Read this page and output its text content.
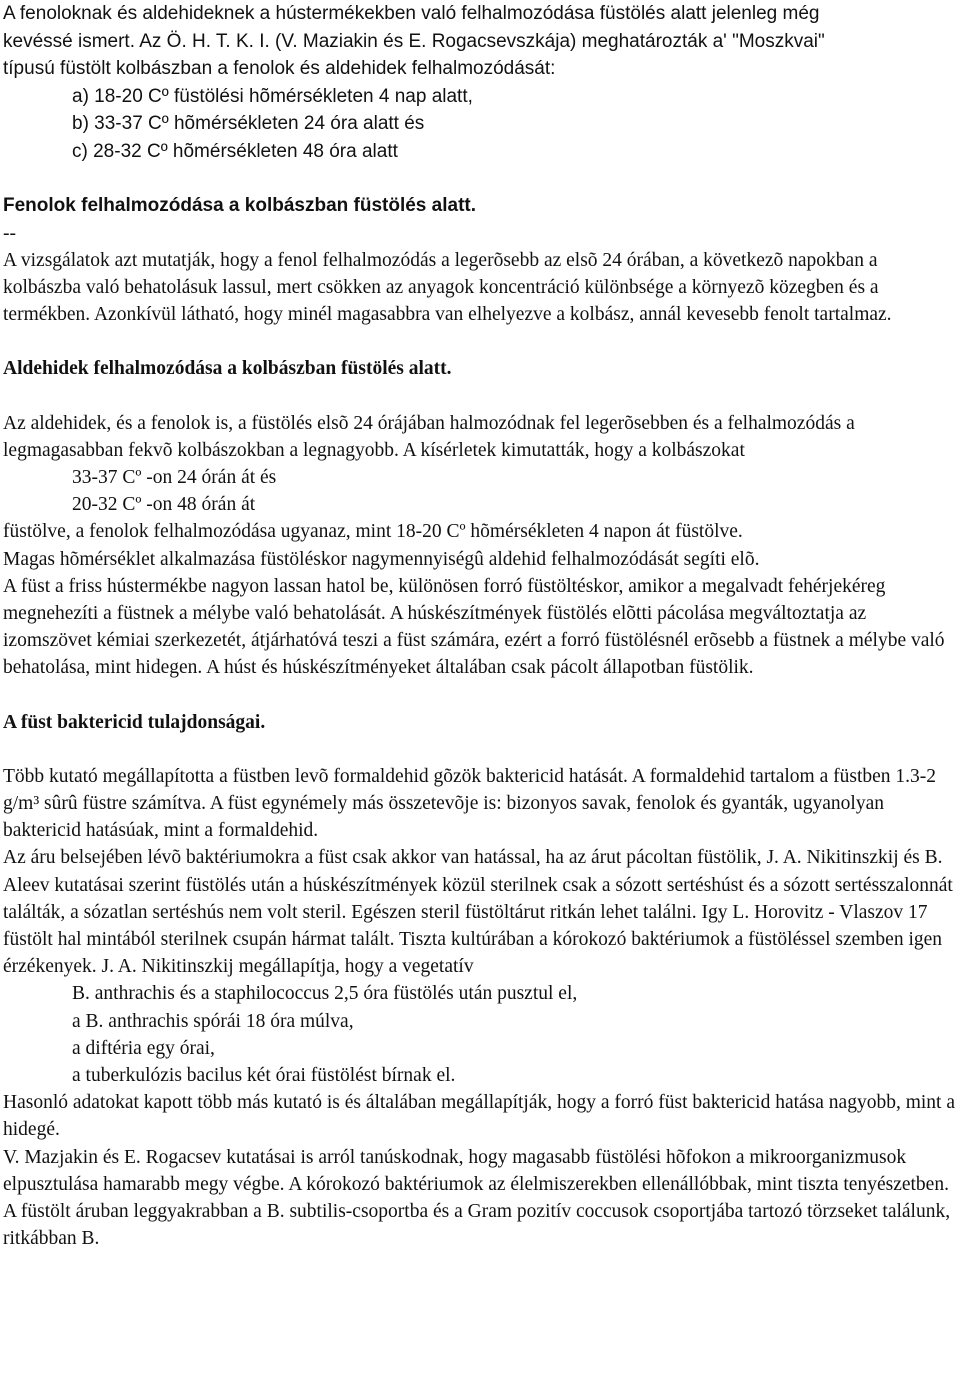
A fenoloknak és aldehideknek a hústermékekben való felhalmozódása füstölés alatt jelenleg még

kevéssé ismert. Az Ö. H. T. K. I. (V. Maziakin és E. Rogacsevszkája) meghatározták a' "Moszkvai"

típusú füstölt kolbászban a fenolok és aldehidek felhalmozódását:

a) 18-20 Cº füstölési hõmérsékleten 4 nap alatt,

b) 33-37 Cº hõmérsékleten 24 óra alatt és

c) 28-32 Cº hõmérsékleten 48 óra alatt

Fenolok felhalmozódása a kolbászban füstölés alatt.

--

A vizsgálatok azt mutatják, hogy a fenol felhalmozódás a legerõsebb az elsõ 24 órában, a következõ napokban a kolbászba való behatolásuk lassul, mert csökken az anyagok koncentráció különbsége a környezõ közegben és a termékben. Azonkívül látható, hogy minél magasabbra van elhelyezve a kolbász, annál kevesebb fenolt tartalmaz.

Aldehidek felhalmozódása a kolbászban füstölés alatt.

Az aldehidek, és a fenolok is, a füstölés elsõ 24 órájában halmozódnak fel legerõsebben és a felhalmozódás a legmagasabban fekvõ kolbászokban a legnagyobb. A kísérletek kimutatták, hogy a kolbászokat

33-37 Cº -on 24 órán át és

20-32 Cº -on 48 órán át

füstölve, a fenolok felhalmozódása ugyanaz, mint 18-20 Cº hõmérsékleten 4 napon át füstölve.

Magas hõmérséklet alkalmazása füstöléskor nagymennyiségû aldehid felhalmozódását segíti elõ.

A füst a friss hústermékbe nagyon lassan hatol be, különösen forró füstöltéskor, amikor a megalvadt fehérjekéreg megnehezíti a füstnek a mélybe való behatolását. A húskészítmények füstölés elõtti pácolása megváltoztatja az izomszövet kémiai szerkezetét, átjárhatóvá teszi a füst számára, ezért a forró füstölésnél erõsebb a füstnek a mélybe való behatolása, mint hidegen. A húst és húskészítményeket általában csak pácolt állapotban füstölik.

A füst baktericid tulajdonságai.

Több kutató megállapította a füstben levõ formaldehid gõzök baktericid hatását. A formaldehid tartalom a füstben 1.3-2 g/m³ sûrû füstre számítva. A füst egynémely más összetevõje is: bizonyos savak, fenolok és gyanták, ugyanolyan baktericid hatásúak, mint a formaldehid.

Az áru belsejében lévõ baktériumokra a füst csak akkor van hatással, ha az árut pácoltan füstölik, J. A. Nikitinszkij és B. Aleev kutatásai szerint füstölés után a húskészítmények közül sterilnek csak a sózott sertéshúst és a sózott sertésszalonnát találták, a sózatlan sertéshús nem volt steril. Egészen steril füstöltárut ritkán lehet találni. Igy L. Horovitz - Vlaszov 17 füstölt hal mintából sterilnek csupán hármat talált. Tiszta kultúrában a kórokozó baktériumok a füstöléssel szemben igen érzékenyek. J. A. Nikitinszkij megállapítja, hogy a vegetatív

B. anthrachis és a staphilococcus 2,5 óra füstölés után pusztul el,

a B. anthrachis spórái 18 óra múlva,

a diftéria egy órai,

a tuberkulózis bacilus két órai füstölést bírnak el.

Hasonló adatokat kapott több más kutató is és általában megállapítják, hogy a forró füst baktericid hatása nagyobb, mint a hidegé.

V. Mazjakin és E. Rogacsev kutatásai is arról tanúskodnak, hogy magasabb füstölési hõfokon a mikroorganizmusok elpusztulása hamarabb megy végbe. A kórokozó baktériumok az élelmiszerekben ellenállóbbak, mint tiszta tenyészetben. A füstölt áruban leggyakrabban a B. subtilis-csoportba és a Gram pozitív coccusok csoportjába tartozó törzseket találunk, ritkábban B.
